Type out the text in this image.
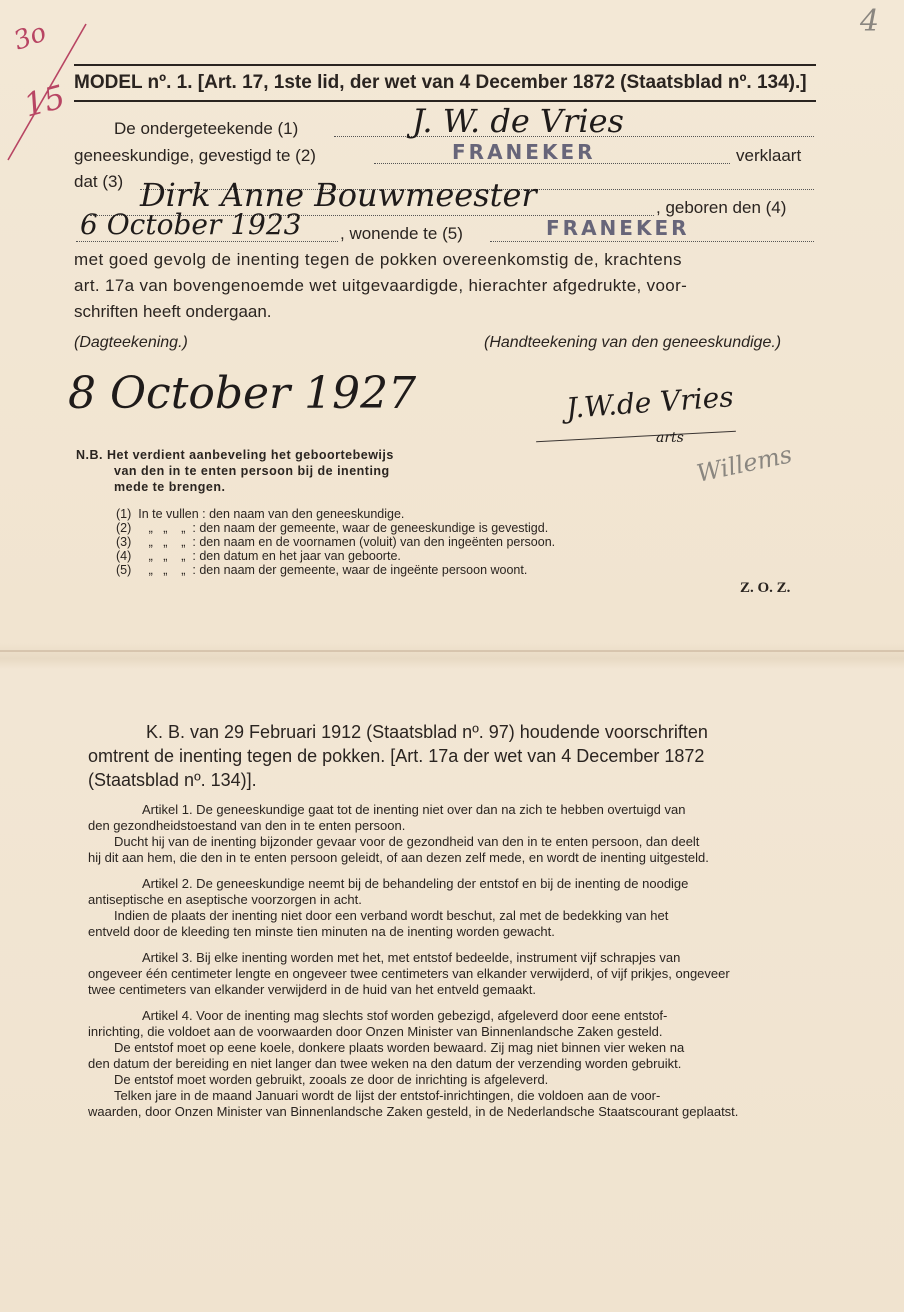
4
3o
15 MODEL nº. 1. [Art. 17, 1ste lid, der wet van 4 December 1872 (Staatsblad nº. 134).]
De ondergeteekende (1)	J. W. de Vries
geneeskundige, gevestigd te (2)	FRANEKER	verklaart
dat (3) Dirk Anne Bouwmeester	, geboren den (4)
6 October 1923 , wonende te (5)	FRANEKER
met goed gevolg de inenting tegen de pokken overeenkomstig de, krachtens
art. 17a van bovengenoemde wet uitgevaardigde, hierachter afgedrukte, voor-
schriften heeft ondergaan.
(Dagteekening.)	(Handteekening van den geneeskundige.)
8 October 1927	J.W.de Vries
arts
Willems
N.B. Het verdient aanbeveling het geboortebewijs
van den in te enten persoon bij de inenting
mede te brengen.
(1)  In te vullen : den naam van den geneeskundige.
(2)     „   „    „  : den naam der gemeente, waar de geneeskundige is gevestigd.
(3)     „   „    „  : den naam en de voornamen (voluit) van den ingeënten persoon.
(4)     „   „    „  : den datum en het jaar van geboorte.
(5)     „   „    „  : den naam der gemeente, waar de ingeënte persoon woont.
Z. O. Z.
K. B. van 29 Februari 1912 (Staatsblad nº. 97) houdende voorschriften
omtrent de inenting tegen de pokken. [Art. 17a der wet van 4 December 1872
(Staatsblad nº. 134)].
Artikel 1. De geneeskundige gaat tot de inenting niet over dan na zich te hebben overtuigd van
den gezondheidstoestand van den in te enten persoon.
Ducht hij van de inenting bijzonder gevaar voor de gezondheid van den in te enten persoon, dan deelt
hij dit aan hem, die den in te enten persoon geleidt, of aan dezen zelf mede, en wordt de inenting uitgesteld.
Artikel 2. De geneeskundige neemt bij de behandeling der entstof en bij de inenting de noodige
antiseptische en aseptische voorzorgen in acht.
Indien de plaats der inenting niet door een verband wordt beschut, zal met de bedekking van het
entveld door de kleeding ten minste tien minuten na de inenting worden gewacht.
Artikel 3. Bij elke inenting worden met het, met entstof bedeelde, instrument vijf schrapjes van
ongeveer één centimeter lengte en ongeveer twee centimeters van elkander verwijderd, of vijf prikjes, ongeveer
twee centimeters van elkander verwijderd in de huid van het entveld gemaakt.
Artikel 4. Voor de inenting mag slechts stof worden gebezigd, afgeleverd door eene entstof-
inrichting, die voldoet aan de voorwaarden door Onzen Minister van Binnenlandsche Zaken gesteld.
De entstof moet op eene koele, donkere plaats worden bewaard. Zij mag niet binnen vier weken na
den datum der bereiding en niet langer dan twee weken na den datum der verzending worden gebruikt.
De entstof moet worden gebruikt, zooals ze door de inrichting is afgeleverd.
Telken jare in de maand Januari wordt de lijst der entstof-inrichtingen, die voldoen aan de voor-
waarden, door Onzen Minister van Binnenlandsche Zaken gesteld, in de Nederlandsche Staatscourant geplaatst.
